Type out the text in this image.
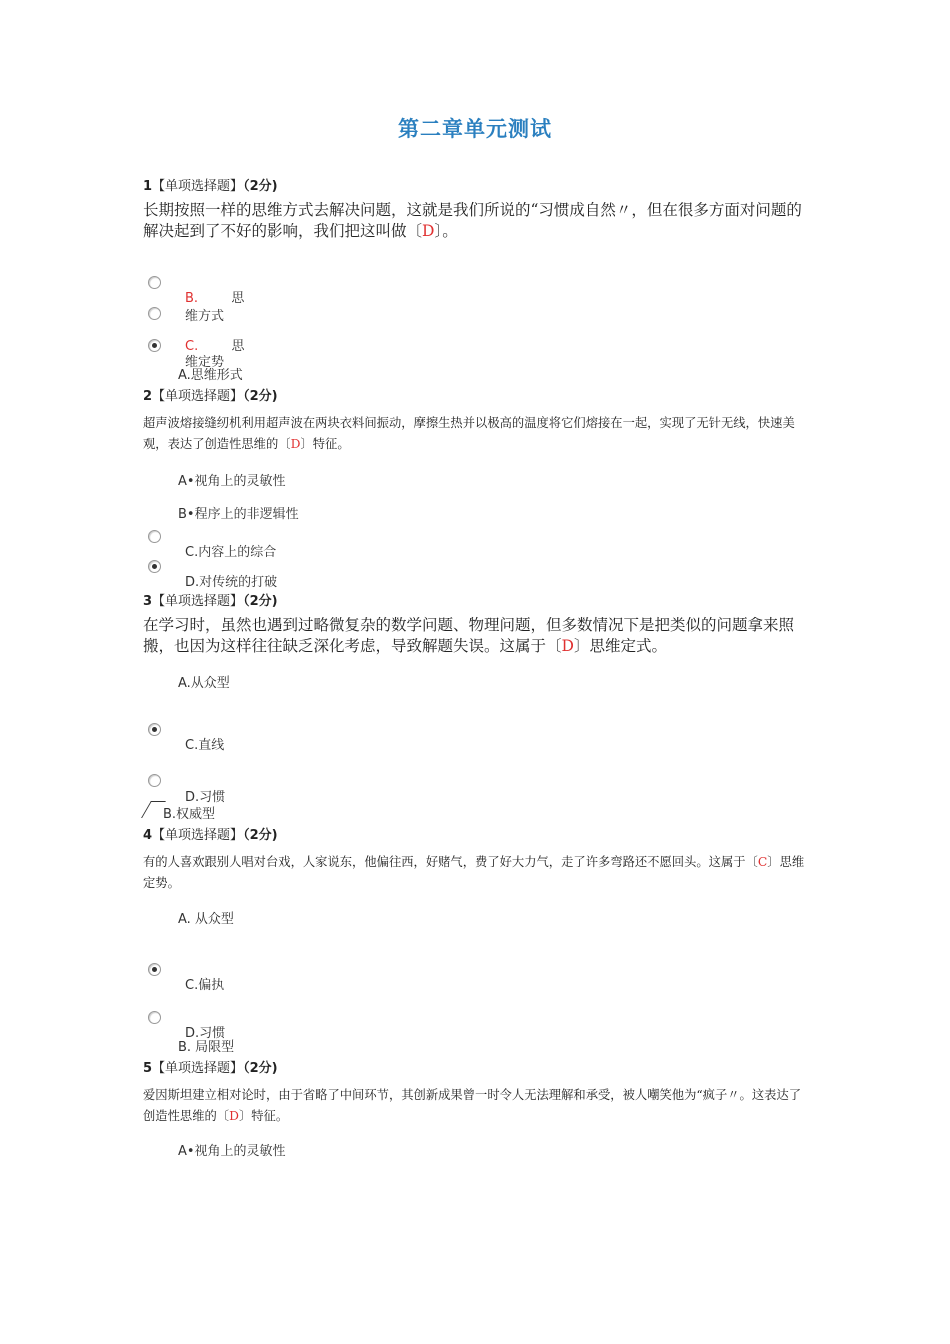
第二章单元测试
1【单项选择题】（2分)
长期按照一样的思维方式去解决问题，这就是我们所说的“习惯成自然〃，但在很多方面对问题的解决起到了不好的影响，我们把这叫做〔D〕。
B.	思
维方式
C.	思
维定势
A.思维形式
2【单项选择题】（2分)
超声波熔接缝纫机利用超声波在两块衣料间振动，摩擦生热并以极高的温度将它们熔接在一起，实现了无针无线，快速美观，表达了创造性思维的〔D〕特征。
A•视角上的灵敏性
B•程序上的非逻辑性
C.内容上的综合
D.对传统的打破
3【单项选择题】（2分)
在学习时，虽然也遇到过略微复杂的数学问题、物理问题，但多数情况下是把类似的问题拿来照搬，也因为这样往往缺乏深化考虑，导致解题失误。这属于〔D〕思维定式。
A.从众型
C.直线
D.习惯
B.权威型
4【单项选择题】（2分)
有的人喜欢跟别人唱对台戏，人家说东，他偏往西，好赌气，费了好大力气，走了许多弯路还不愿回头。这属于〔C〕思维定势。
A. 从众型
C.偏执
D.习惯
B. 局限型
5【单项选择题】（2分)
爱因斯坦建立相对论时，由于省略了中间环节，其创新成果曾一时令人无法理解和承受，被人嘲笑他为“疯子〃。这表达了创造性思维的〔D〕特征。
A•视角上的灵敏性
